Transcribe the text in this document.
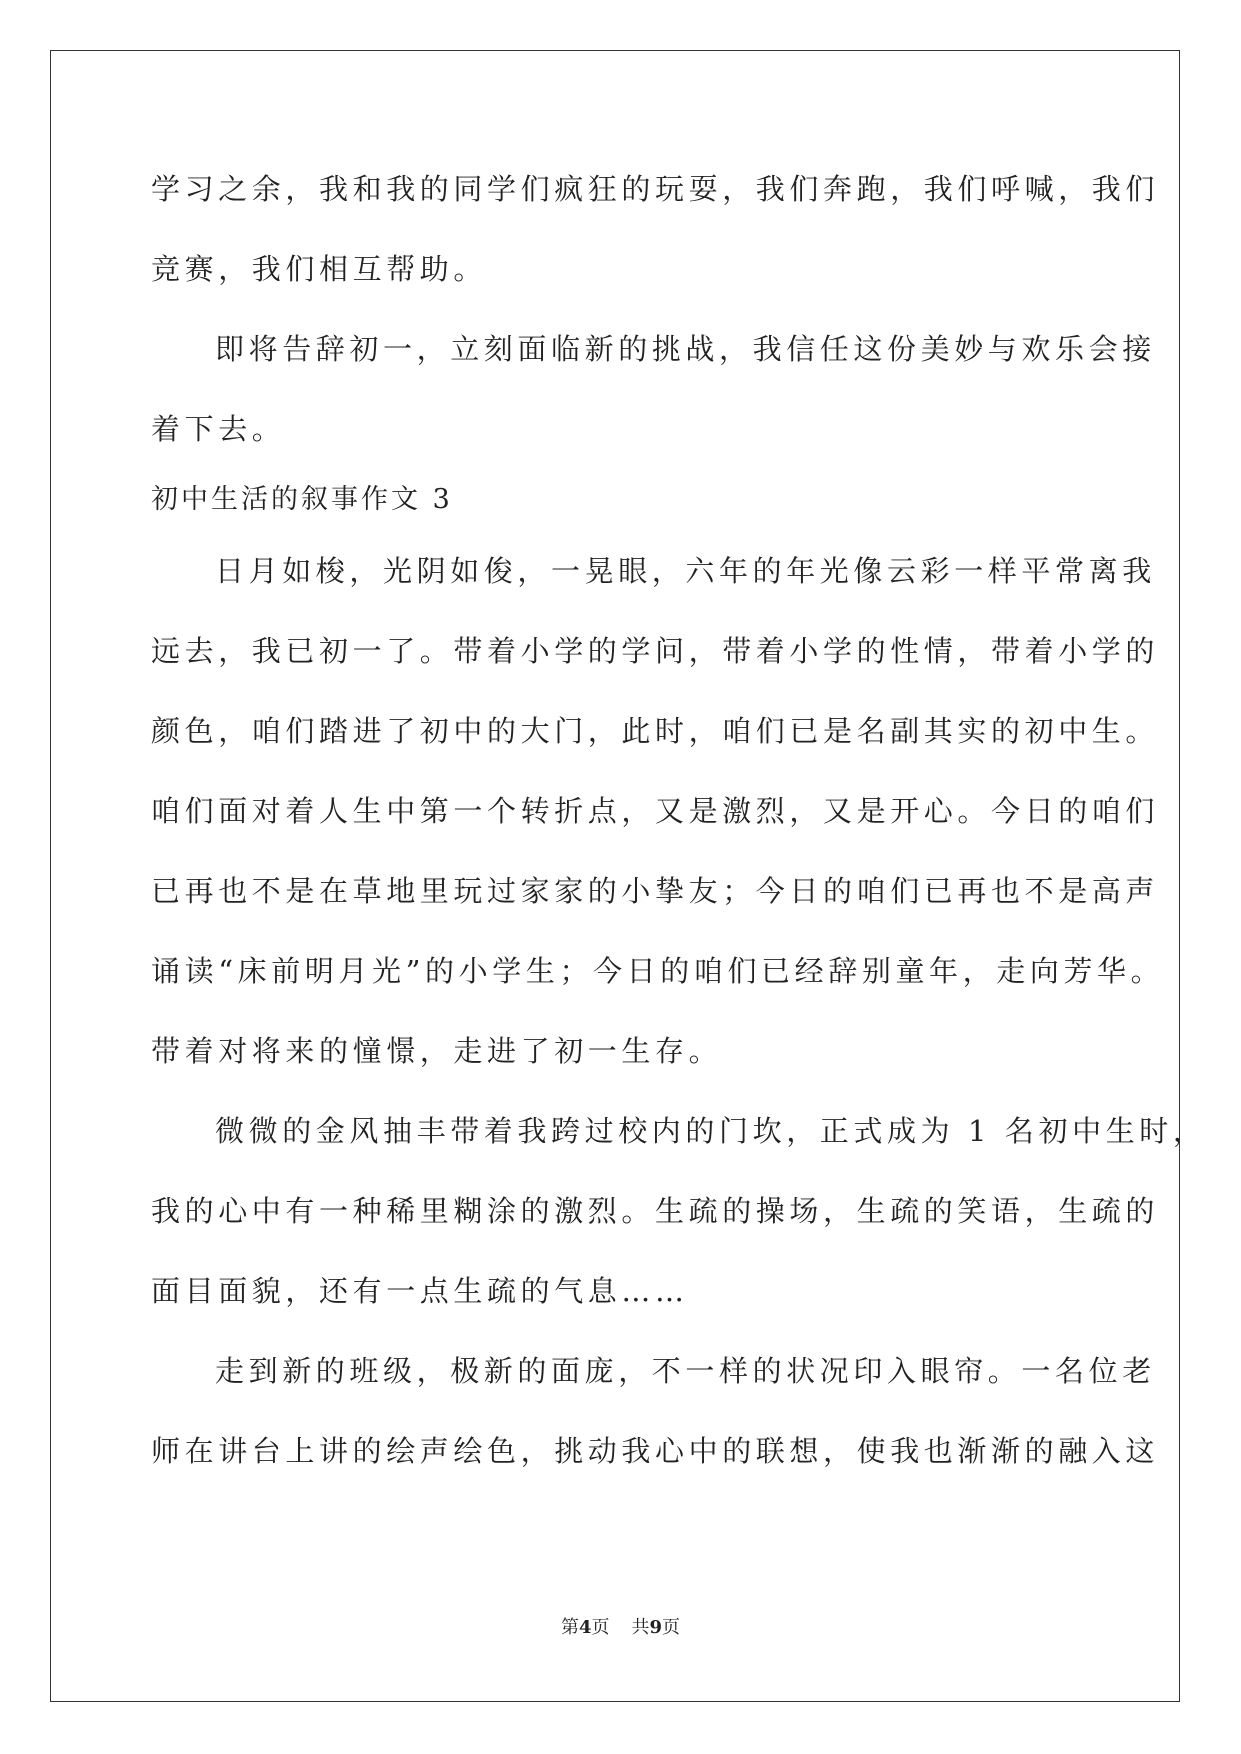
学习之余，我和我的同学们疯狂的玩耍，我们奔跑，我们呼喊，我们
竞赛，我们相互帮助。
即将告辞初一，立刻面临新的挑战，我信任这份美妙与欢乐会接
着下去。
初中生活的叙事作文 3
日月如梭，光阴如俊，一晃眼，六年的年光像云彩一样平常离我
远去，我已初一了。带着小学的学问，带着小学的性情，带着小学的
颜色，咱们踏进了初中的大门，此时，咱们已是名副其实的初中生。
咱们面对着人生中第一个转折点，又是激烈，又是开心。今日的咱们
已再也不是在草地里玩过家家的小挚友；今日的咱们已再也不是高声
诵读“床前明月光”的小学生；今日的咱们已经辞别童年，走向芳华。
带着对将来的憧憬，走进了初一生存。
微微的金风抽丰带着我跨过校内的门坎，正式成为 1 名初中生时，
我的心中有一种稀里糊涂的激烈。生疏的操场，生疏的笑语，生疏的
面目面貌，还有一点生疏的气息……
走到新的班级，极新的面庞，不一样的状况印入眼帘。一名位老
师在讲台上讲的绘声绘色，挑动我心中的联想，使我也渐渐的融入这
第4页 共9页
